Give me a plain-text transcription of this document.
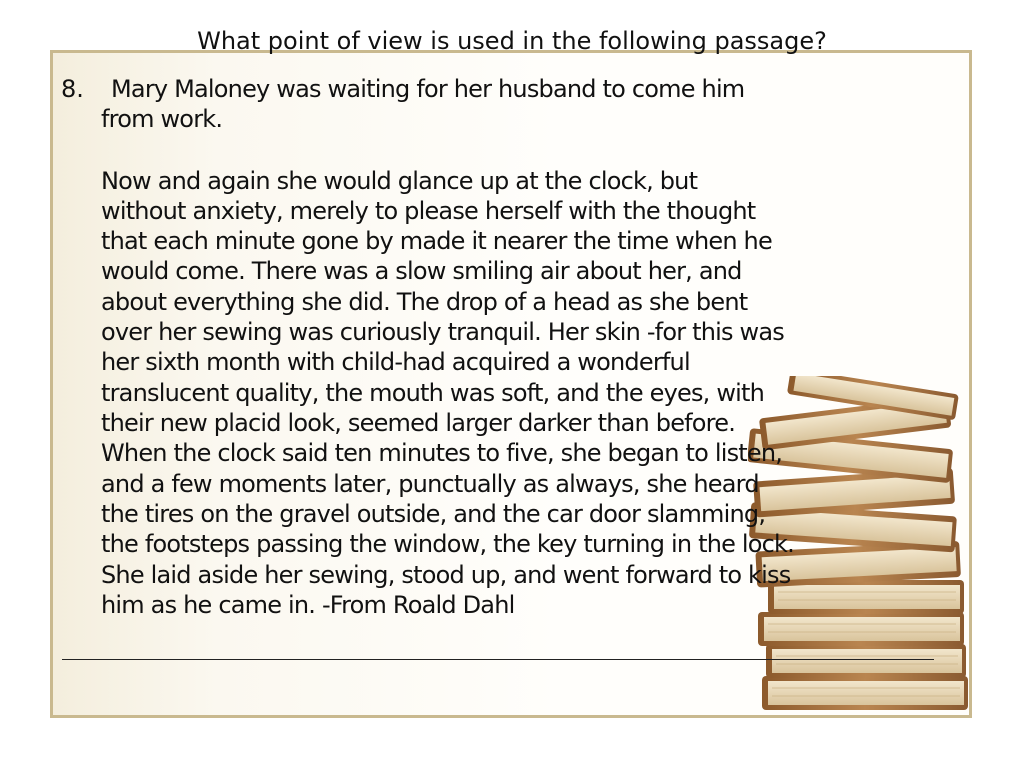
What point of view is used in the following passage?
8. Mary Maloney was waiting for her husband to come him
from work.
Now and again she would glance up at the clock, but
without anxiety, merely to please herself with the thought
that each minute gone by made it nearer the time when he
would come. There was a slow smiling air about her, and
about everything she did. The drop of a head as she bent
over her sewing was curiously tranquil. Her skin -for this was
her sixth month with child-had acquired a wonderful
translucent quality, the mouth was soft, and the eyes, with
their new placid look, seemed larger darker than before.
When the clock said ten minutes to five, she began to listen,
and a few moments later, punctually as always, she heard
the tires on the gravel outside, and the car door slamming,
the footsteps passing the window, the key turning in the lock.
She laid aside her sewing, stood up, and went forward to kiss
him as he came in. -From Roald Dahl
